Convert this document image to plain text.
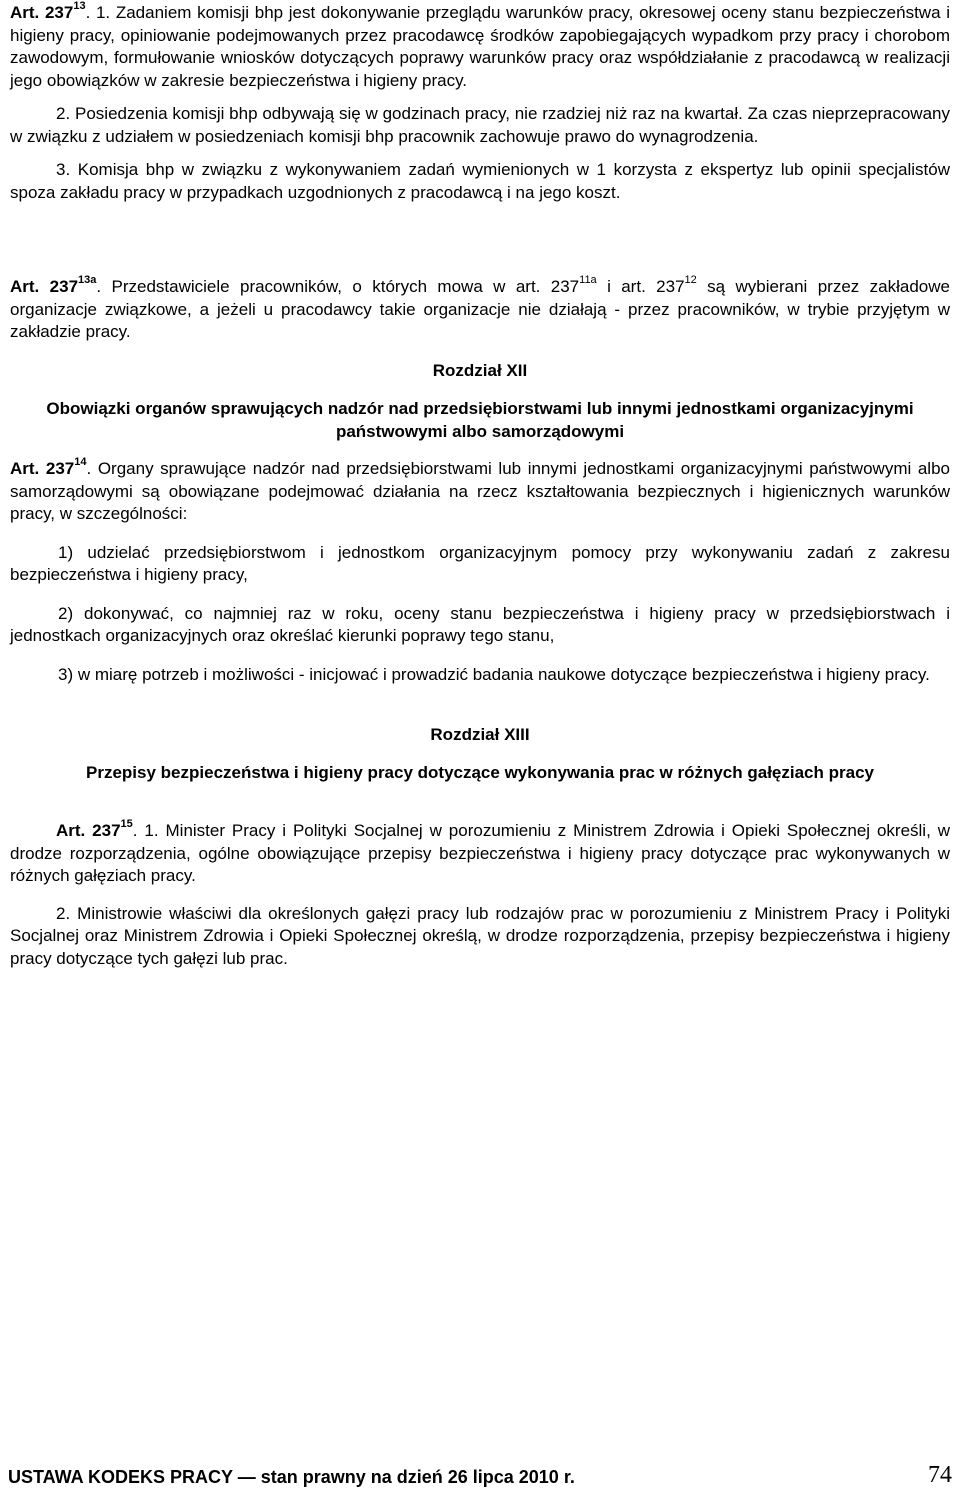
Art. $237^{13}$. 1. Zadaniem komisji bhp jest dokonywanie przeglądu warunków pracy, okresowej oceny stanu bezpieczeństwa i higieny pracy, opiniowanie podejmowanych przez pracodawcę środków zapobiegających wypadkom przy pracy i chorobom zawodowym, formułowanie wniosków dotyczących poprawy warunków pracy oraz współdziałanie z pracodawcą w realizacji jego obowiązków w zakresie bezpieczeństwa i higieny pracy.

2. Posiedzenia komisji bhp odbywają się w godzinach pracy, nie rzadziej niż raz na kwartał. Za czas nieprzepracowany w związku z udziałem w posiedzeniach komisji bhp pracownik zachowuje prawo do wynagrodzenia.

3. Komisja bhp w związku z wykonywaniem zadań wymienionych w 1 korzysta z ekspertyz lub opinii specjalistów spoza zakładu pracy w przypadkach uzgodnionych z pracodawcą i na jego koszt.

Art. $237^{13a}$. Przedstawiciele pracowników, o których mowa w art. $237^{11a}$ i art. $237^{12}$ są wybierani przez zakładowe organizacje związkowe, a jeżeli u pracodawcy takie organizacje nie działają - przez pracowników, w trybie przyjętym w zakładzie pracy.

Rozdział XII
Obowiązki organów sprawujących nadzór nad przedsiębiorstwami lub innymi jednostkami organizacyjnymi państwowymi albo samorządowymi

Art. $237^{14}$. Organy sprawujące nadzór nad przedsiębiorstwami lub innymi jednostkami organizacyjnymi państwowymi albo samorządowymi są obowiązane podejmować działania na rzecz kształtowania bezpiecznych i higienicznych warunków pracy, w szczególności:

1) udzielać przedsiębiorstwom i jednostkom organizacyjnym pomocy przy wykonywaniu zadań z zakresu bezpieczeństwa i higieny pracy,

2) dokonywać, co najmniej raz w roku, oceny stanu bezpieczeństwa i higieny pracy w przedsiębiorstwach i jednostkach organizacyjnych oraz określać kierunki poprawy tego stanu,

3) w miarę potrzeb i możliwości - inicjować i prowadzić badania naukowe dotyczące bezpieczeństwa i higieny pracy.

Rozdział XIII
Przepisy bezpieczeństwa i higieny pracy dotyczące wykonywania prac w różnych gałęziach pracy

Art. $237^{15}$. 1. Minister Pracy i Polityki Socjalnej w porozumieniu z Ministrem Zdrowia i Opieki Społecznej określi, w drodze rozporządzenia, ogólne obowiązujące przepisy bezpieczeństwa i higieny pracy dotyczące prac wykonywanych w różnych gałęziach pracy.

2. Ministrowie właściwi dla określonych gałęzi pracy lub rodzajów prac w porozumieniu z Ministrem Pracy i Polityki Socjalnej oraz Ministrem Zdrowia i Opieki Społecznej określą, w drodze rozporządzenia, przepisy bezpieczeństwa i higieny pracy dotyczące tych gałęzi lub prac.

USTAWA KODEKS PRACY — stan prawny na dzień 26 lipca 2010 r.	74
